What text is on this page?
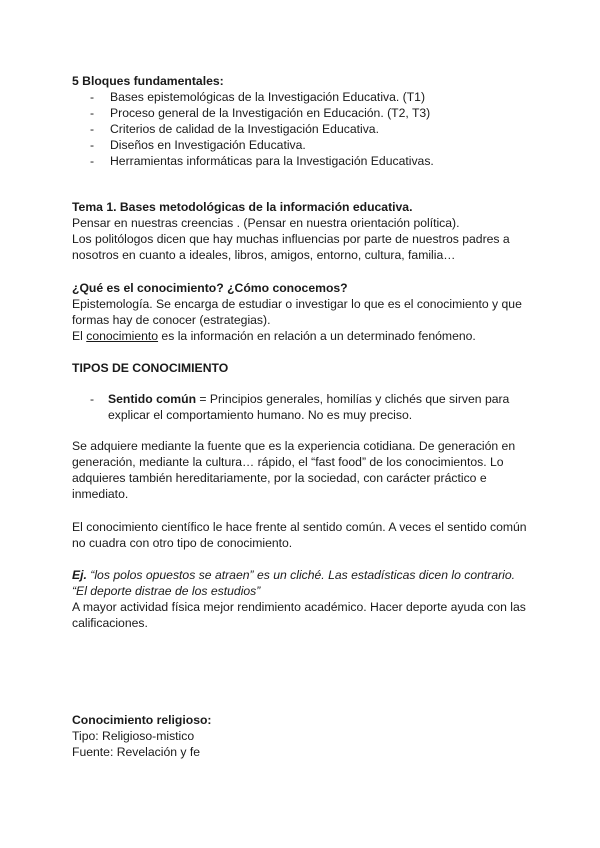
5 Bloques fundamentales:
- Bases epistemológicas de la Investigación Educativa. (T1)
- Proceso general de la Investigación en Educación. (T2, T3)
- Criterios de calidad de la Investigación Educativa.
- Diseños en Investigación Educativa.
- Herramientas informáticas para la Investigación Educativas.
Tema 1. Bases metodológicas de la información educativa.
Pensar en nuestras creencias . (Pensar en nuestra orientación política).
Los politólogos dicen que hay muchas influencias por parte de nuestros padres a
nosotros en cuanto a ideales, libros, amigos, entorno, cultura, familia…
¿Qué es el conocimiento? ¿Cómo conocemos?
Epistemología. Se encarga de estudiar o investigar lo que es el conocimiento y que
formas hay de conocer (estrategias).
El conocimiento es la información en relación a un determinado fenómeno.
TIPOS DE CONOCIMIENTO
- Sentido común = Principios generales, homilías y clichés que sirven para
explicar el comportamiento humano. No es muy preciso.
Se adquiere mediante la fuente que es la experiencia cotidiana. De generación en
generación, mediante la cultura… rápido, el “fast food” de los conocimientos. Lo
adquieres también hereditariamente, por la sociedad, con carácter práctico e
inmediato.
El conocimiento científico le hace frente al sentido común. A veces el sentido común
no cuadra con otro tipo de conocimiento.
Ej. “los polos opuestos se atraen” es un cliché. Las estadísticas dicen lo contrario.
“El deporte distrae de los estudios”
A mayor actividad física mejor rendimiento académico. Hacer deporte ayuda con las
calificaciones.
Conocimiento religioso:
Tipo: Religioso-mistico
Fuente: Revelación y fe
